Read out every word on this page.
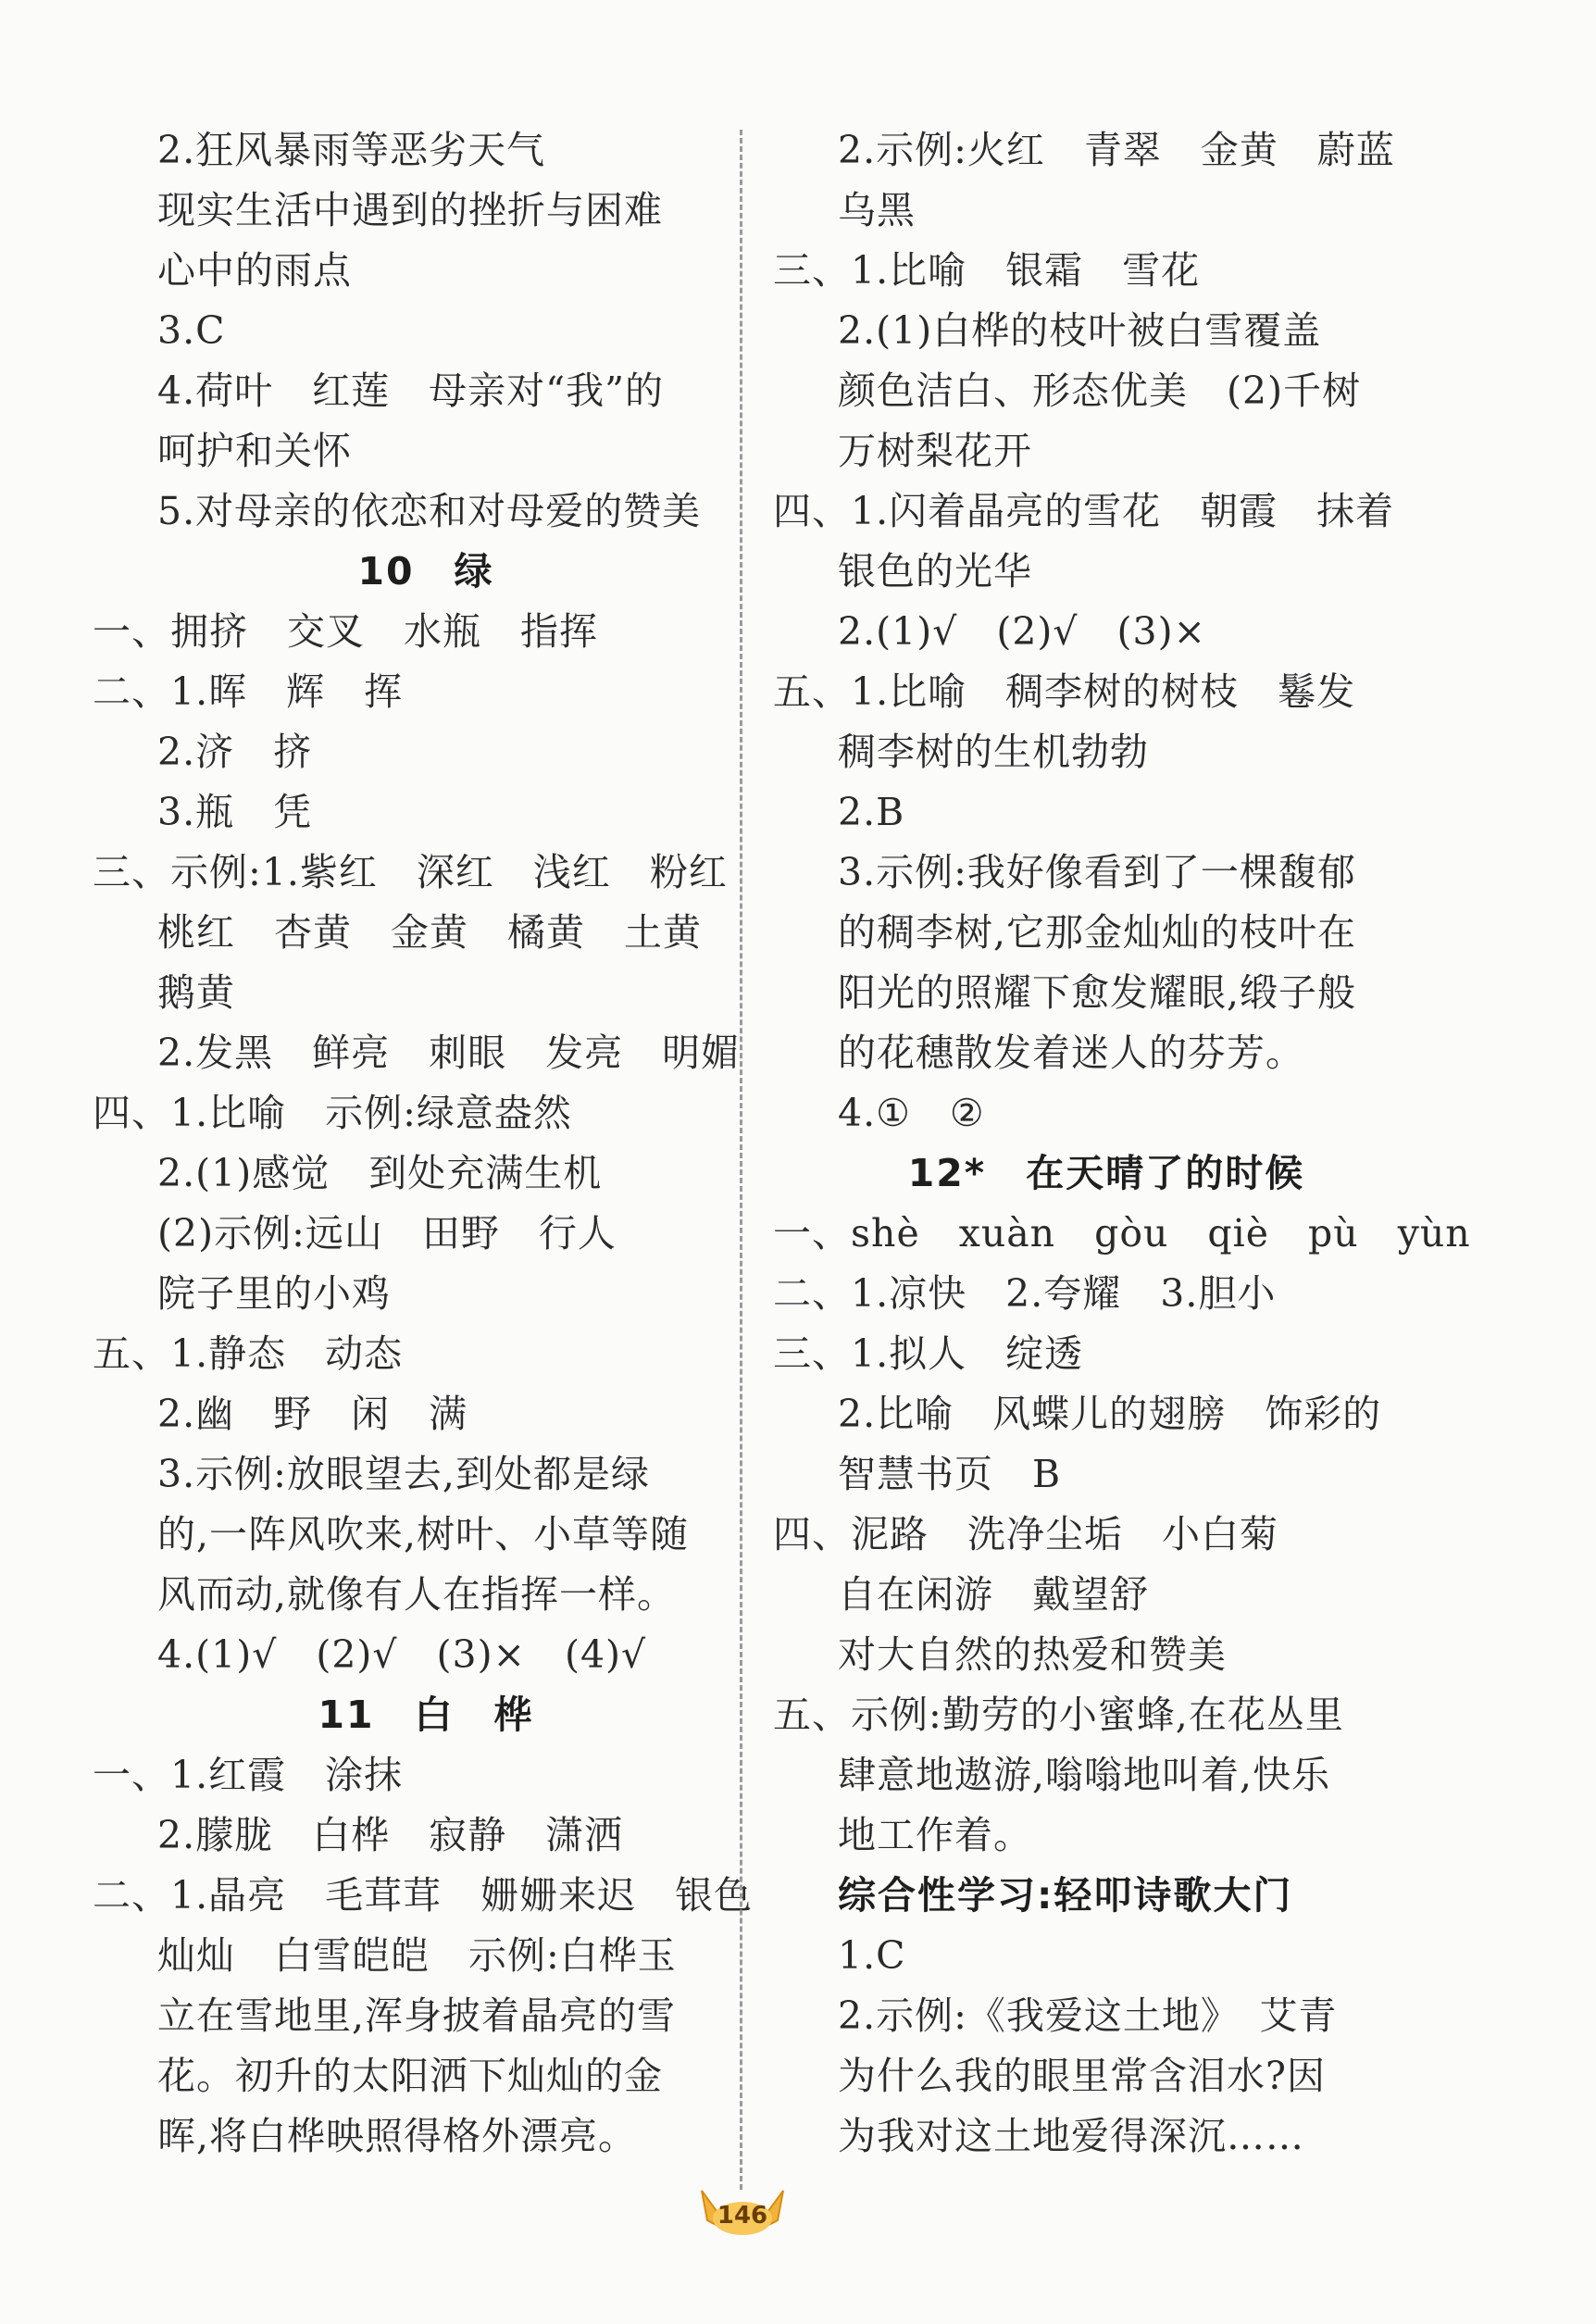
2.狂风暴雨等恶劣天气
现实生活中遇到的挫折与困难
心中的雨点
3.C
4.荷叶　红莲　母亲对“我”的
呵护和关怀
5.对母亲的依恋和对母爱的赞美
10　绿
一、拥挤　交叉　水瓶　指挥
二、1.晖　辉　挥
2.济　挤
3.瓶　凭
三、示例:1.紫红　深红　浅红　粉红
桃红　杏黄　金黄　橘黄　土黄
鹅黄
2.发黑　鲜亮　刺眼　发亮　明媚
四、1.比喻　示例:绿意盎然
2.(1)感觉　到处充满生机
(2)示例:远山　田野　行人
院子里的小鸡
五、1.静态　动态
2.幽　野　闲　满
3.示例:放眼望去,到处都是绿
的,一阵风吹来,树叶、小草等随
风而动,就像有人在指挥一样。
4.(1)√　(2)√　(3)×　(4)√
11　白　桦
一、1.红霞　涂抹
2.朦胧　白桦　寂静　潇洒
二、1.晶亮　毛茸茸　姗姗来迟　银色
灿灿　白雪皑皑　示例:白桦玉
立在雪地里,浑身披着晶亮的雪
花。初升的太阳洒下灿灿的金
晖,将白桦映照得格外漂亮。
2.示例:火红　青翠　金黄　蔚蓝
乌黑
三、1.比喻　银霜　雪花
2.(1)白桦的枝叶被白雪覆盖
颜色洁白、形态优美　(2)千树
万树梨花开
四、1.闪着晶亮的雪花　朝霞　抹着
银色的光华
2.(1)√　(2)√　(3)×
五、1.比喻　稠李树的树枝　鬈发
稠李树的生机勃勃
2.B
3.示例:我好像看到了一棵馥郁
的稠李树,它那金灿灿的枝叶在
阳光的照耀下愈发耀眼,缎子般
的花穗散发着迷人的芬芳。
4.①　②
12*　在天晴了的时候
一、shè　xuàn　gòu　qiè　pù　yùn
二、1.凉快　2.夸耀　3.胆小
三、1.拟人　绽透
2.比喻　风蝶儿的翅膀　饰彩的
智慧书页　B
四、泥路　洗净尘垢　小白菊
自在闲游　戴望舒
对大自然的热爱和赞美
五、示例:勤劳的小蜜蜂,在花丛里
肆意地遨游,嗡嗡地叫着,快乐
地工作着。
综合性学习:轻叩诗歌大门
1.C
2.示例:《我爱这土地》　艾青
为什么我的眼里常含泪水?因
为我对这土地爱得深沉……
146
